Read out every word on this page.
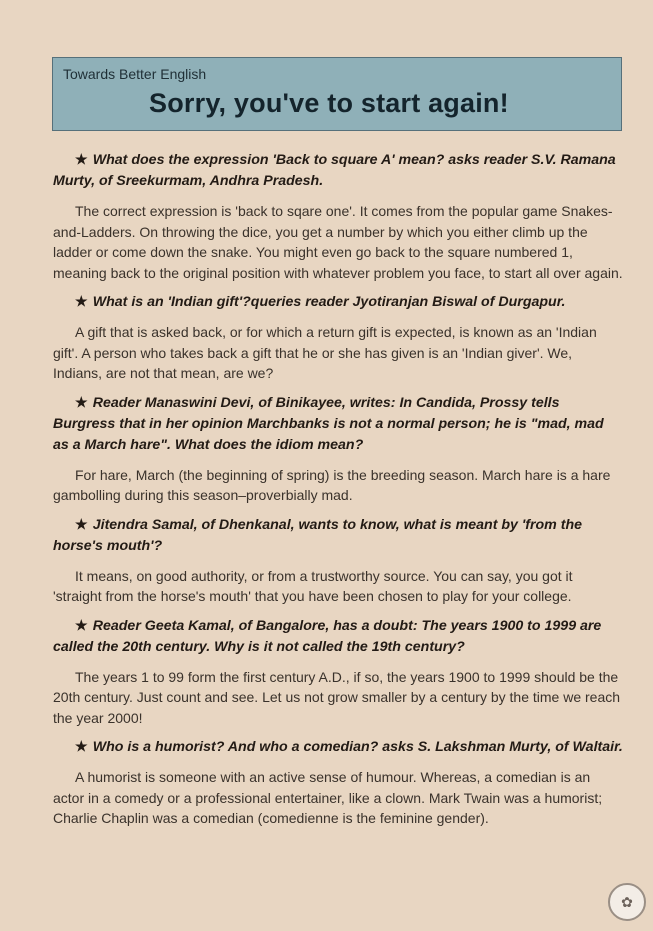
Towards Better English
Sorry, you've to start again!

★ What does the expression 'Back to square A' mean? asks reader S.V. Ramana Murty, of Sreekurmam, Andhra Pradesh.

The correct expression is 'back to sqare one'. It comes from the popular game Snakes-and-Ladders. On throwing the dice, you get a number by which you either climb up the ladder or come down the snake. You might even go back to the square numbered 1, meaning back to the original position with whatever problem you face, to start all over again.

★ What is an 'Indian gift'?queries reader Jyotiranjan Biswal of Durgapur.

A gift that is asked back, or for which a return gift is expected, is known as an 'Indian gift'. A person who takes back a gift that he or she has given is an 'Indian giver'. We, Indians, are not that mean, are we?

★ Reader Manaswini Devi, of Binikayee, writes: In Candida, Prossy tells Burgress that in her opinion Marchbanks is not a normal person; he is "mad, mad as a March hare". What does the idiom mean?

For hare, March (the beginning of spring) is the breeding season. March hare is a hare gambolling during this season–proverbially mad.

★ Jitendra Samal, of Dhenkanal, wants to know, what is meant by 'from the horse's mouth'?

It means, on good authority, or from a trustworthy source. You can say, you got it 'straight from the horse's mouth' that you have been chosen to play for your college.

★ Reader Geeta Kamal, of Bangalore, has a doubt: The years 1900 to 1999 are called the 20th century. Why is it not called the 19th century?

The years 1 to 99 form the first century A.D., if so, the years 1900 to 1999 should be the 20th century. Just count and see. Let us not grow smaller by a century by the time we reach the year 2000!

★ Who is a humorist? And who a comedian? asks S. Lakshman Murty, of Waltair.

A humorist is someone with an active sense of humour. Whereas, a comedian is an actor in a comedy or a professional entertainer, like a clown. Mark Twain was a humorist; Charlie Chaplin was a comedian (comedienne is the feminine gender).

✿
